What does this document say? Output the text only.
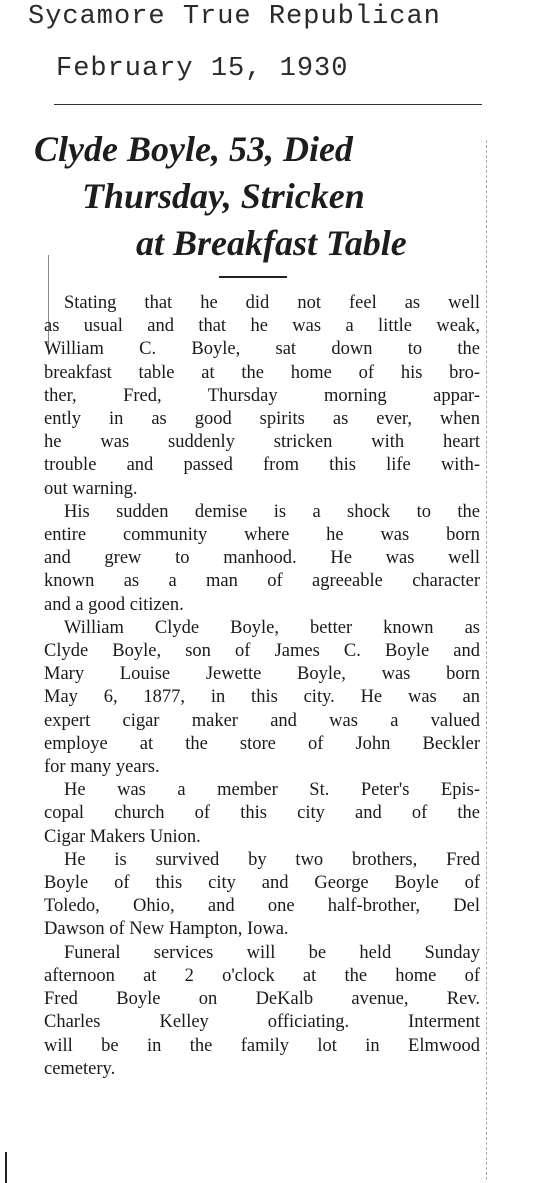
Sycamore True Republican
February 15, 1930
Clyde Boyle, 53, Died
Thursday, Stricken
at Breakfast Table
Stating that he did not feel as well
as usual and that he was a little weak,
William C. Boyle, sat down to the
breakfast table at the home of his bro-
ther, Fred, Thursday morning appar-
ently in as good spirits as ever, when
he was suddenly stricken with heart
trouble and passed from this life with-
out warning.
His sudden demise is a shock to the
entire community where he was born
and grew to manhood. He was well
known as a man of agreeable character
and a good citizen.
William Clyde Boyle, better known as
Clyde Boyle, son of James C. Boyle and
Mary Louise Jewette Boyle, was born
May 6, 1877, in this city. He was an
expert cigar maker and was a valued
employe at the store of John Beckler
for many years.
He was a member St. Peter's Epis-
copal church of this city and of the
Cigar Makers Union.
He is survived by two brothers, Fred
Boyle of this city and George Boyle of
Toledo, Ohio, and one half-brother, Del
Dawson of New Hampton, Iowa.
Funeral services will be held Sunday
afternoon at 2 o'clock at the home of
Fred Boyle on DeKalb avenue, Rev.
Charles Kelley officiating. Interment
will be in the family lot in Elmwood
cemetery.
